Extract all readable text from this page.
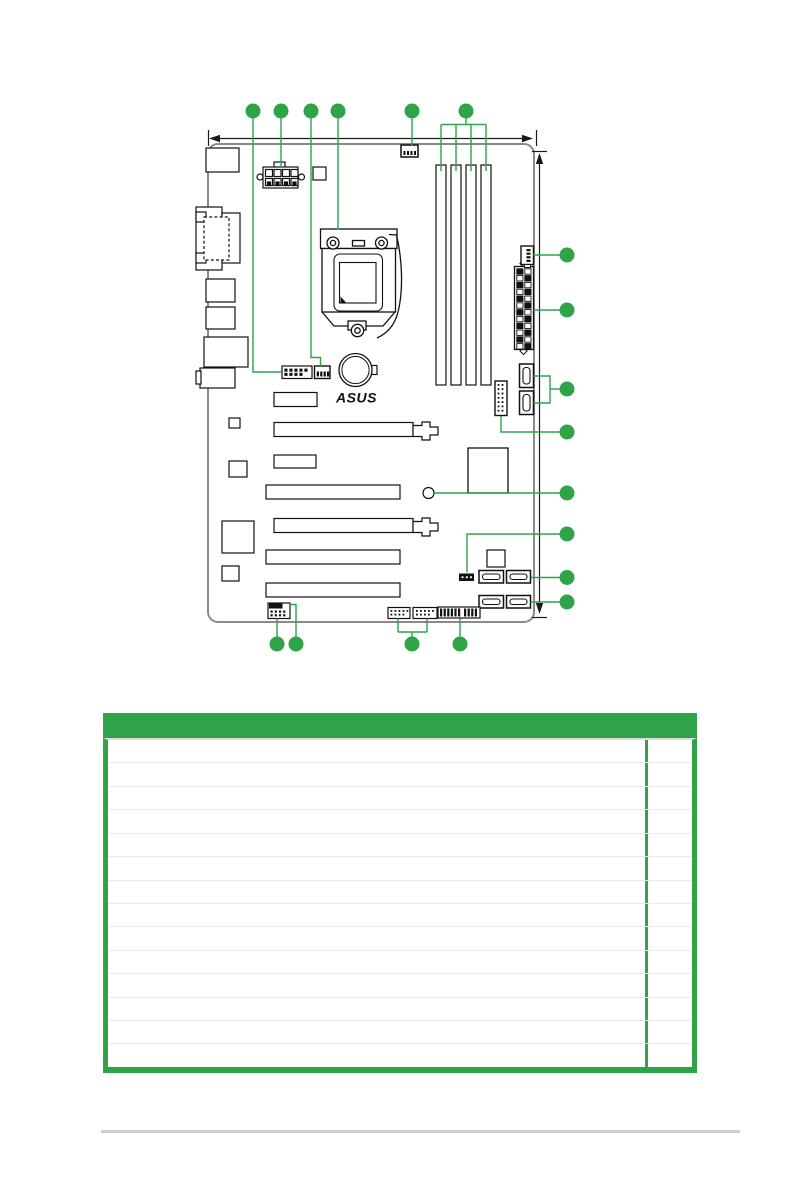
ASUS
